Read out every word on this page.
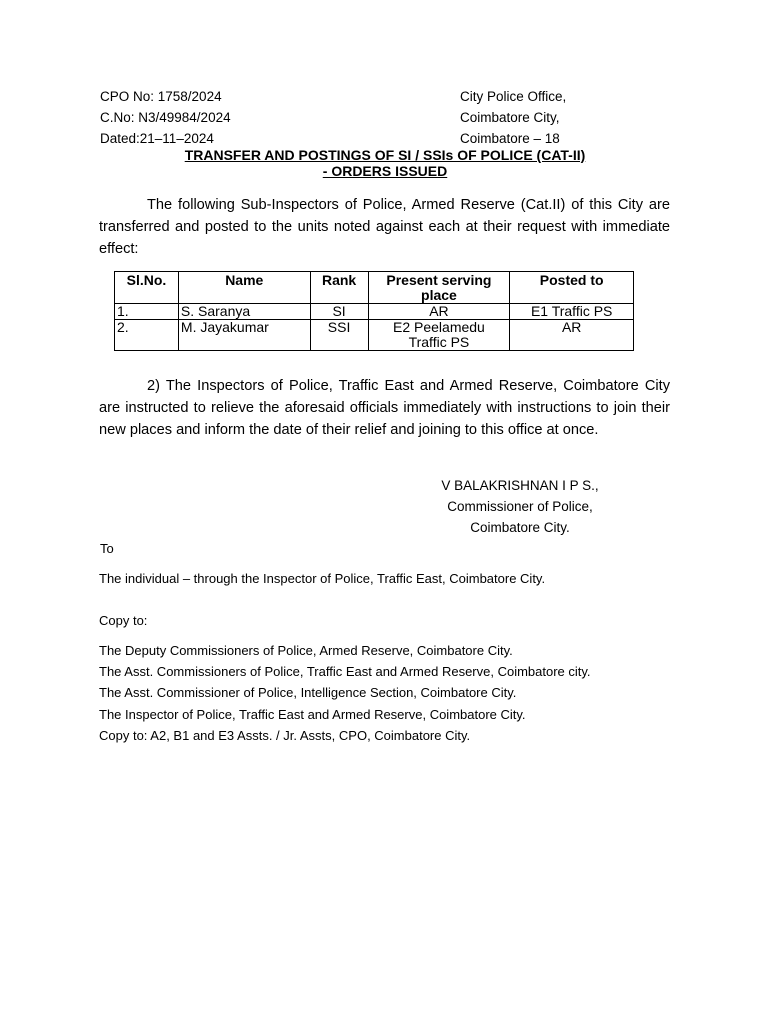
CPO No: 1758/2024
C.No: N3/49984/2024
Dated:21–11–2024
City Police Office,
Coimbatore City,
Coimbatore – 18
TRANSFER AND POSTINGS OF SI / SSIs OF POLICE (CAT-II)
- ORDERS ISSUED

The following Sub-Inspectors of Police, Armed Reserve (Cat.II) of this City are transferred and posted to the units noted against each at their request with immediate effect:

Sl.No.	Name	Rank	Present serving place	Posted to
1.	S. Saranya	SI	AR	E1 Traffic PS
2.	M. Jayakumar	SSI	E2 Peelamedu Traffic PS	AR

2) The Inspectors of Police, Traffic East and Armed Reserve, Coimbatore City are instructed to relieve the aforesaid officials immediately with instructions to join their new places and inform the date of their relief and joining to this office at once.

V BALAKRISHNAN I P S.,
Commissioner of Police,
Coimbatore City.
To
The individual – through the Inspector of Police, Traffic East, Coimbatore City.
Copy to:
The Deputy Commissioners of Police, Armed Reserve, Coimbatore City.
The Asst. Commissioners of Police, Traffic East and Armed Reserve, Coimbatore city.
The Asst. Commissioner of Police, Intelligence Section, Coimbatore City.
The Inspector of Police, Traffic East and Armed Reserve, Coimbatore City.
Copy to: A2, B1 and E3 Assts. / Jr. Assts, CPO, Coimbatore City.
